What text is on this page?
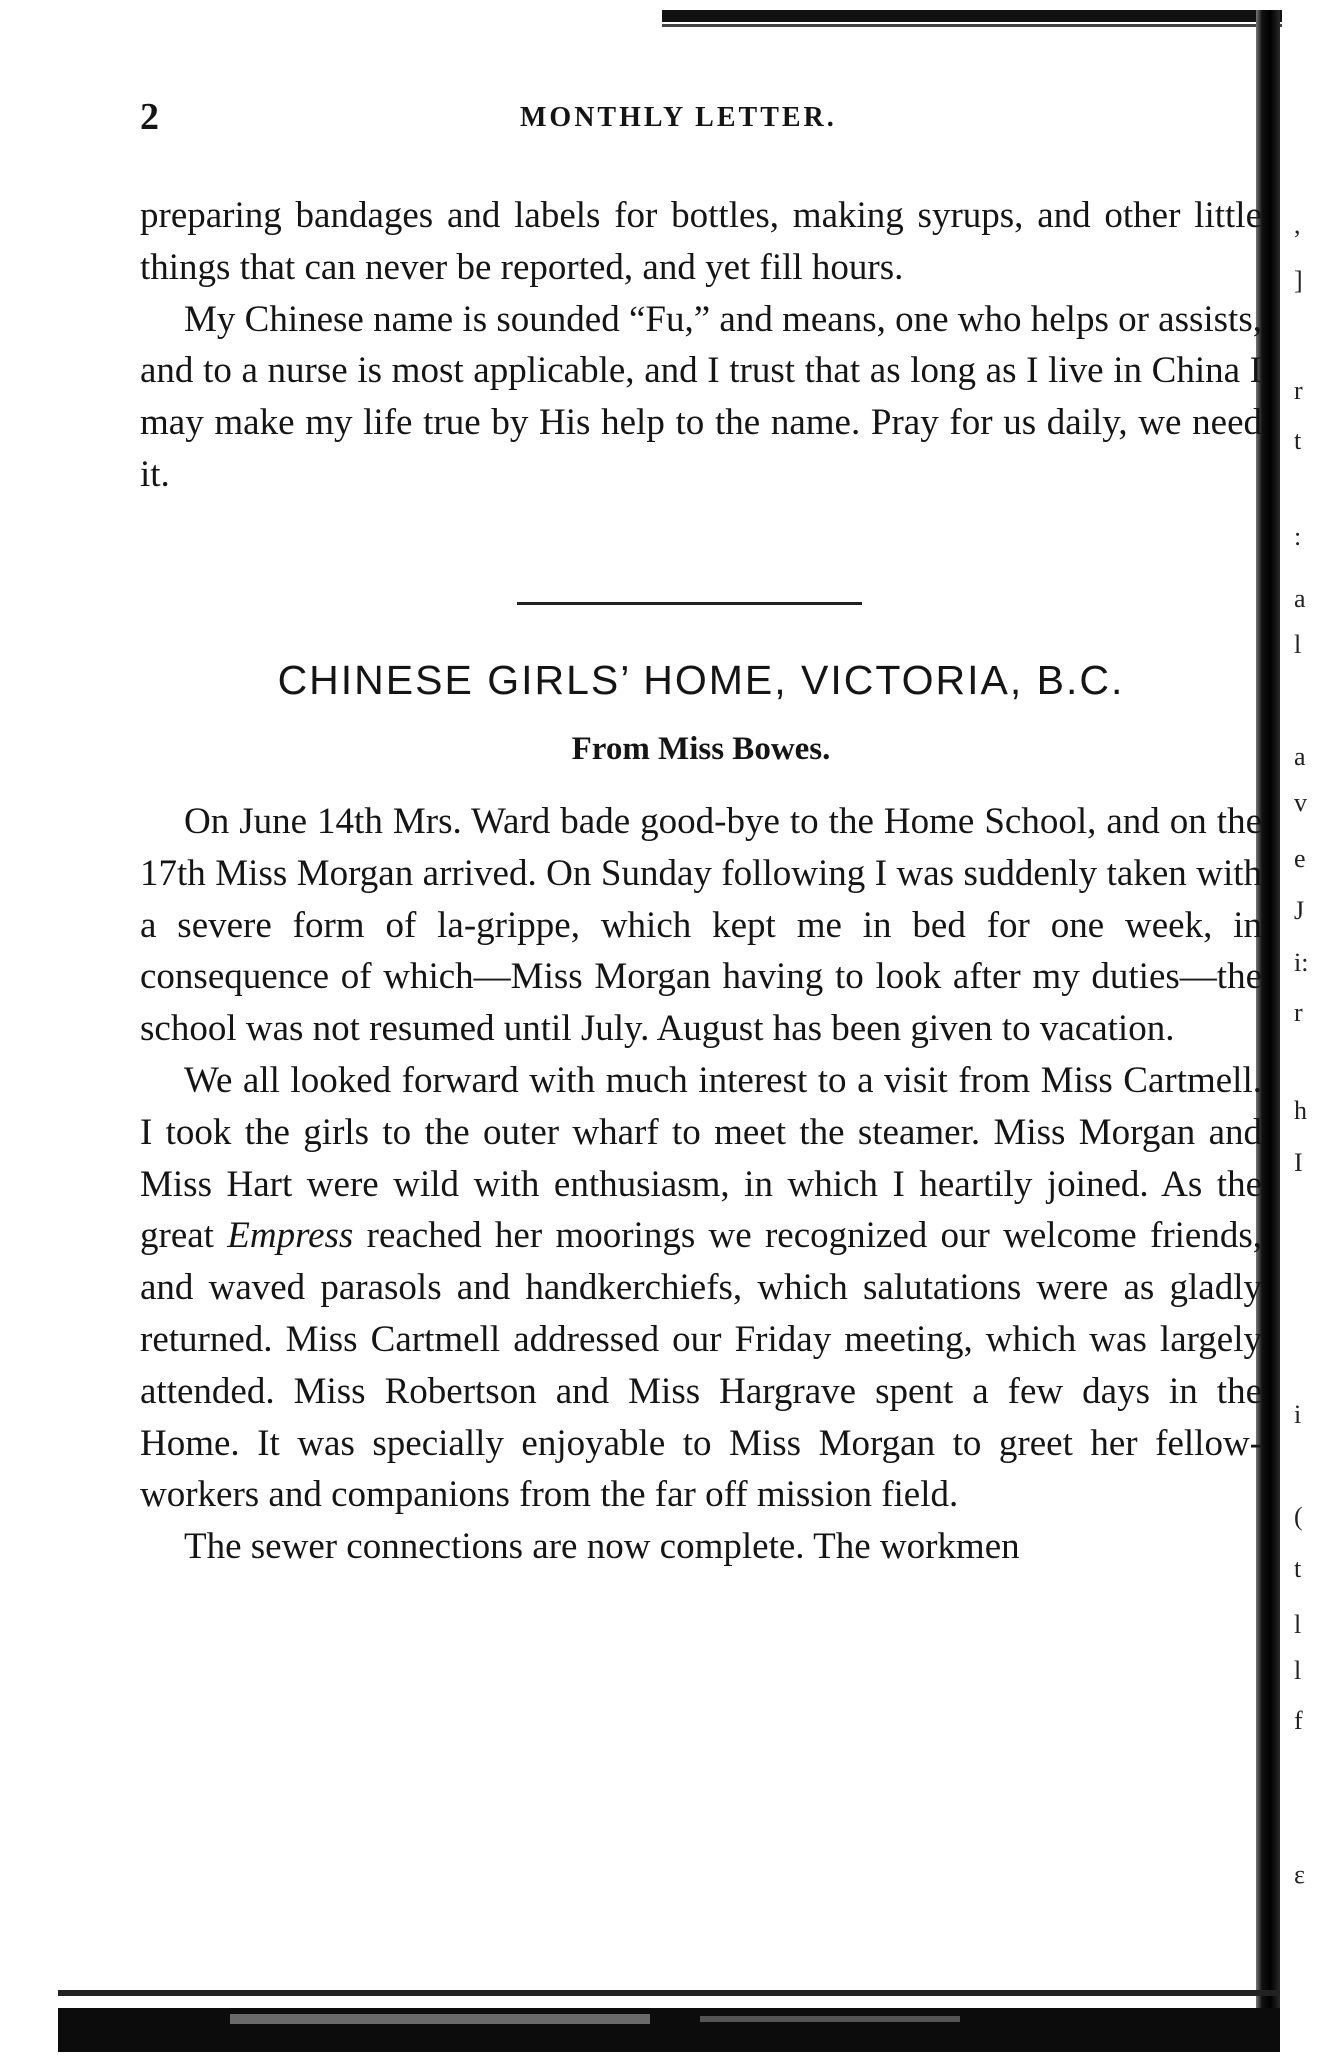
,
]
r
t
:
a
l
a
v
e
J
i:
r
h
I
i
(
t
l
l
f
ε
2	MONTHLY LETTER.

preparing bandages and labels for bottles, making syrups, and other little things that can never be reported, and yet fill hours.

My Chinese name is sounded “Fu,” and means, one who helps or assists, and to a nurse is most applicable, and I trust that as long as I live in China I may make my life true by His help to the name. Pray for us daily, we need it.

CHINESE GIRLS’ HOME, VICTORIA, B.C.
From Miss Bowes.

On June 14th Mrs. Ward bade good-bye to the Home School, and on the 17th Miss Morgan arrived. On Sunday following I was suddenly taken with a severe form of la-grippe, which kept me in bed for one week, in consequence of which—Miss Morgan having to look after my duties—the school was not resumed until July. August has been given to vacation.

We all looked forward with much interest to a visit from Miss Cartmell. I took the girls to the outer wharf to meet the steamer. Miss Morgan and Miss Hart were wild with enthusiasm, in which I heartily joined. As the great Empress reached her moorings we recognized our welcome friends, and waved parasols and handkerchiefs, which salutations were as gladly returned. Miss Cartmell addressed our Friday meeting, which was largely attended. Miss Robertson and Miss Hargrave spent a few days in the Home. It was specially enjoyable to Miss Morgan to greet her fellow-workers and companions from the far off mission field.

The sewer connections are now complete. The workmen
